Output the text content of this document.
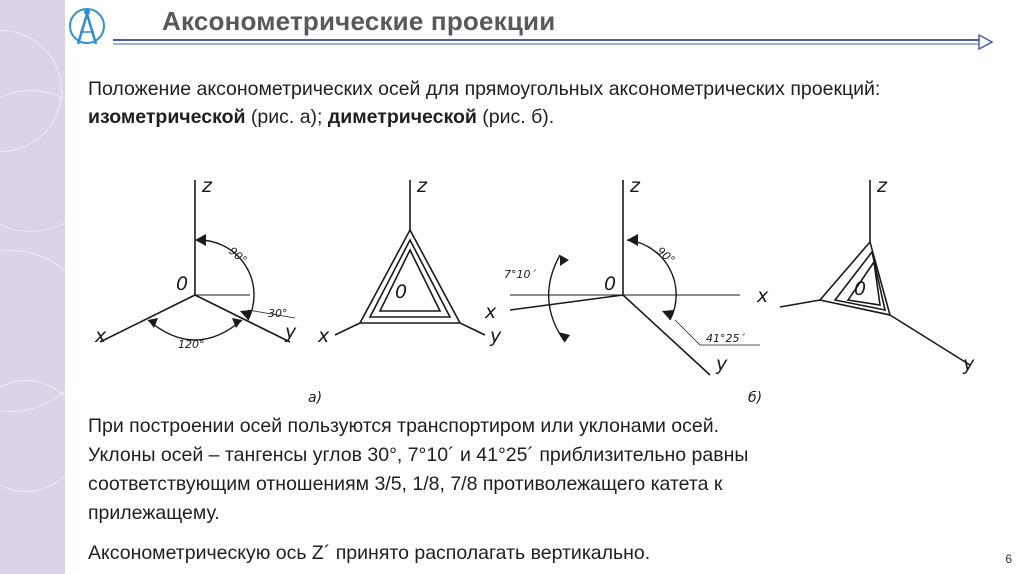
Аксонометрические проекции
Положение аксонометрических осей для прямоугольных аксонометрических проекций: изометрической (рис. а); диметрической (рис. б).
z
0
x	y
z
0
x	y
z
0
x
y
z
0
x
y
90°
30°
120°
90°
7°10´
41°25´
а)	б)
При построении осей пользуются транспортиром или уклонами осей.
Уклоны осей – тангенсы углов 30°, 7°10´ и 41°25´ приблизительно равны
соответствующим отношениям 3/5, 1/8, 7/8 противолежащего катета к
прилежащему.
Аксонометрическую ось Z´ принято располагать вертикально.	6
